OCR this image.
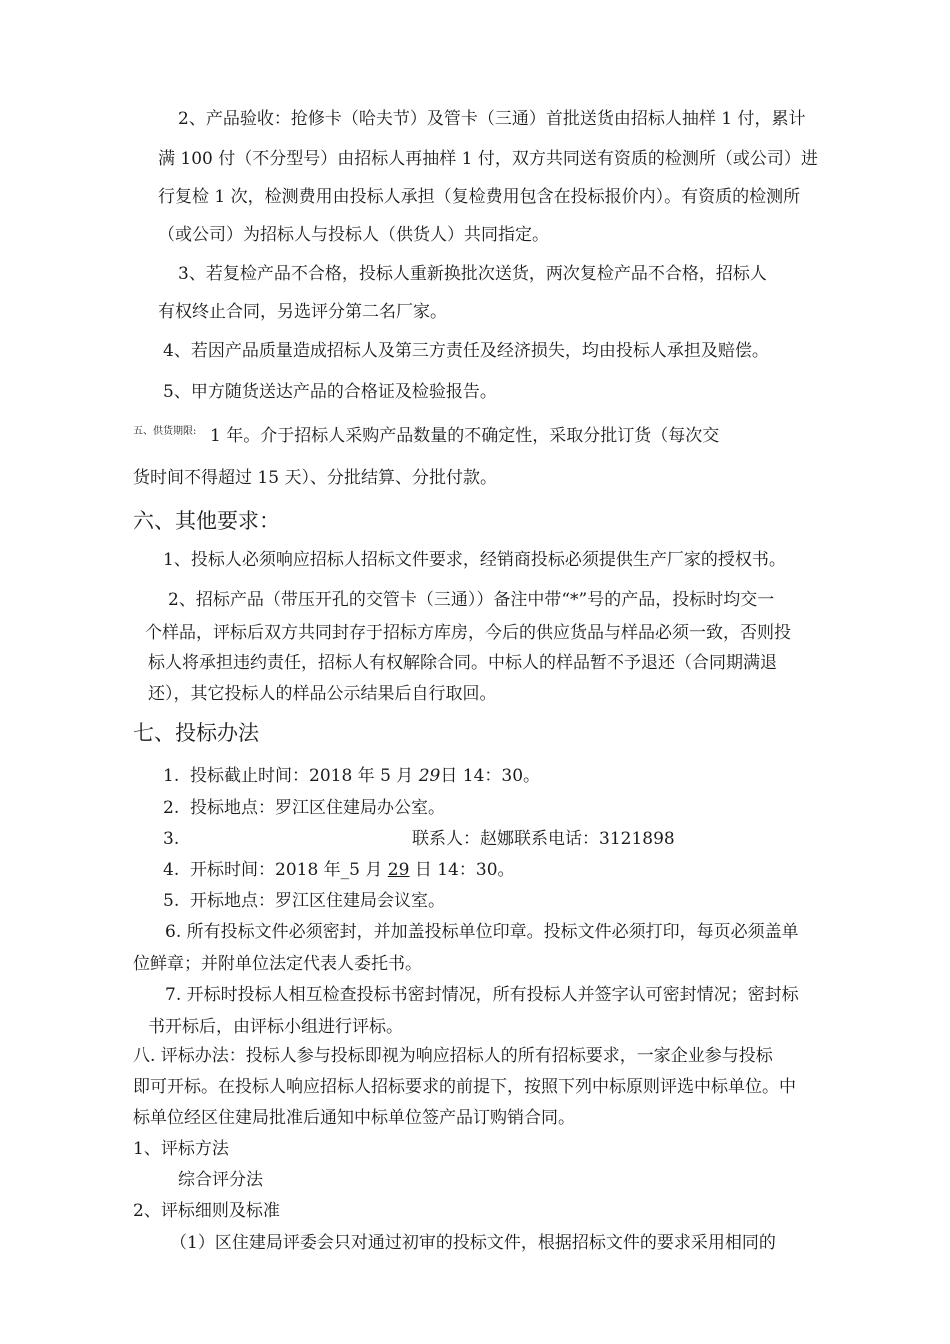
2、产品验收：抢修卡（哈夫节）及管卡（三通）首批送货由招标人抽样 1 付，累计
满 100 付（不分型号）由招标人再抽样 1 付，双方共同送有资质的检测所（或公司）进
行复检 1 次，检测费用由投标人承担（复检费用包含在投标报价内）。有资质的检测所
（或公司）为招标人与投标人（供货人）共同指定。
3、若复检产品不合格，投标人重新换批次送货，两次复检产品不合格，招标人
有权终止合同，另选评分第二名厂家。
4、若因产品质量造成招标人及第三方责任及经济损失，均由投标人承担及赔偿。
5、甲方随货送达产品的合格证及检验报告。
五、供货期限: 1 年。介于招标人采购产品数量的不确定性，采取分批订货（每次交
货时间不得超过 15 天）、分批结算、分批付款。
六、其他要求：
1、投标人必须响应招标人招标文件要求，经销商投标必须提供生产厂家的授权书。
2、招标产品（带压开孔的交管卡（三通））备注中带“*”号的产品，投标时均交一
个样品，评标后双方共同封存于招标方库房，今后的供应货品与样品必须一致，否则投
标人将承担违约责任，招标人有权解除合同。中标人的样品暂不予退还（合同期满退
还），其它投标人的样品公示结果后自行取回。
七、投标办法
1. 投标截止时间：2018 年 5 月 29日 14：30。
2. 投标地点：罗江区住建局办公室。
3.	联系人：赵娜联系电话：3121898
4. 开标时间：2018 年_5 月 29 日 14：30。
5. 开标地点：罗江区住建局会议室。
6. 所有投标文件必须密封，并加盖投标单位印章。投标文件必须打印，每页必须盖单
位鲜章；并附单位法定代表人委托书。
7. 开标时投标人相互检查投标书密封情况，所有投标人并签字认可密封情况；密封标
书开标后，由评标小组进行评标。
八. 评标办法：投标人参与投标即视为响应招标人的所有招标要求，一家企业参与投标
即可开标。在投标人响应招标人招标要求的前提下，按照下列中标原则评选中标单位。中
标单位经区住建局批准后通知中标单位签产品订购销合同。
1、评标方法
综合评分法
2、评标细则及标准
（1）区住建局评委会只对通过初审的投标文件，根据招标文件的要求采用相同的
